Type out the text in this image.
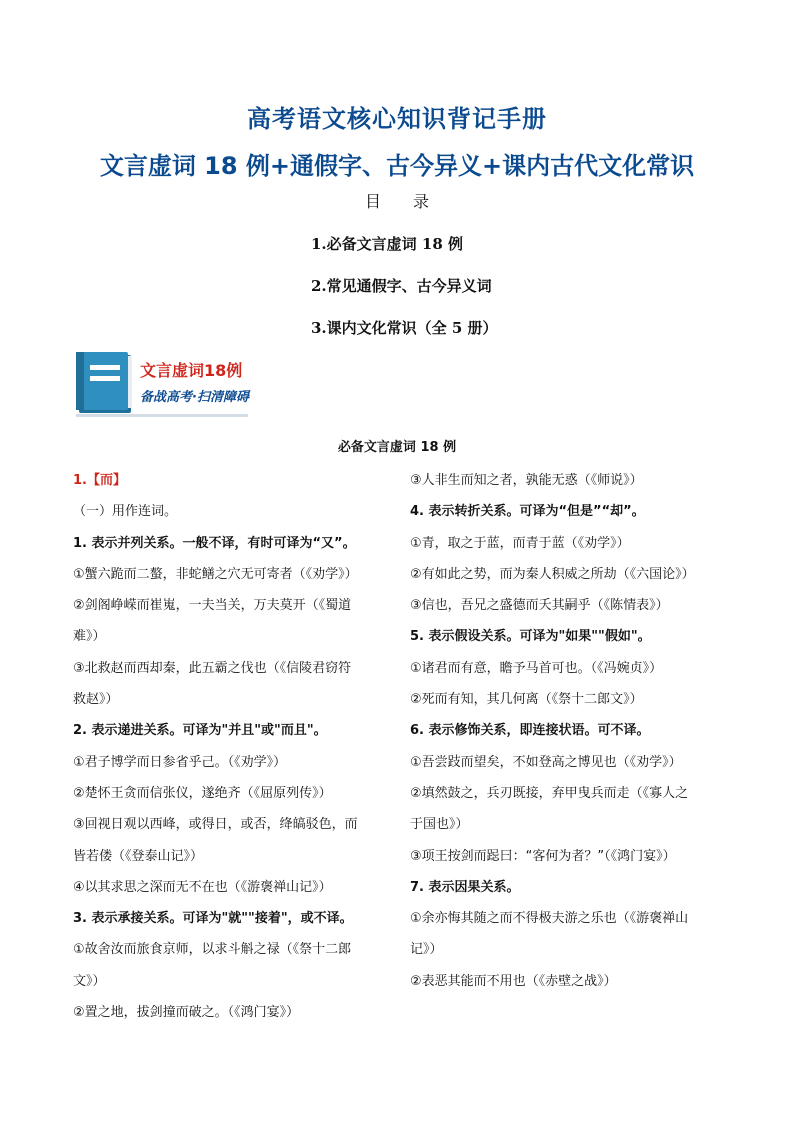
高考语文核心知识背记手册
文言虚词 18 例+通假字、古今异义+课内古代文化常识
目　　录
1.必备文言虚词 18 例
2.常见通假字、古今异义词
3.课内文化常识（全 5 册）
文言虚词18例
备战高考·扫清障碍
必备文言虚词 18 例
1.【而】
（一）用作连词。
1. 表示并列关系。一般不译，有时可译为“又”。
①蟹六跪而二螯，非蛇鳝之穴无可寄者（《劝学》）
②剑阁峥嵘而崔嵬，一夫当关，万夫莫开（《蜀道
难》）
③北救赵而西却秦，此五霸之伐也（《信陵君窃符
救赵》）
2. 表示递进关系。可译为"并且"或"而且"。
①君子博学而日参省乎己。（《劝学》）
②楚怀王贪而信张仪，遂绝齐（《屈原列传》）
③回视日观以西峰，或得日，或否，绛皜驳色，而
皆若偻（《登泰山记》）
④以其求思之深而无不在也（《游褒禅山记》）
3. 表示承接关系。可译为"就""接着"，或不译。
①故舍汝而旅食京师，以求斗斛之禄（《祭十二郎
文》）
②置之地，拔剑撞而破之。（《鸿门宴》）
③人非生而知之者，孰能无惑（《师说》）
4. 表示转折关系。可译为“但是”“却”。
①青，取之于蓝，而青于蓝（《劝学》）
②有如此之势，而为秦人积威之所劫（《六国论》）
③信也，吾兄之盛德而夭其嗣乎（《陈情表》）
5. 表示假设关系。可译为"如果""假如"。
①诸君而有意，瞻予马首可也。（《冯婉贞》）
②死而有知，其几何离（《祭十二郎文》）
6. 表示修饰关系，即连接状语。可不译。
①吾尝跂而望矣，不如登高之博见也（《劝学》）
②填然鼓之，兵刃既接，弃甲曳兵而走（《寡人之
于国也》）
③项王按剑而跽曰：“客何为者？”（《鸿门宴》）
7. 表示因果关系。
①余亦悔其随之而不得极夫游之乐也（《游褒禅山
记》）
②表恶其能而不用也（《赤壁之战》）
